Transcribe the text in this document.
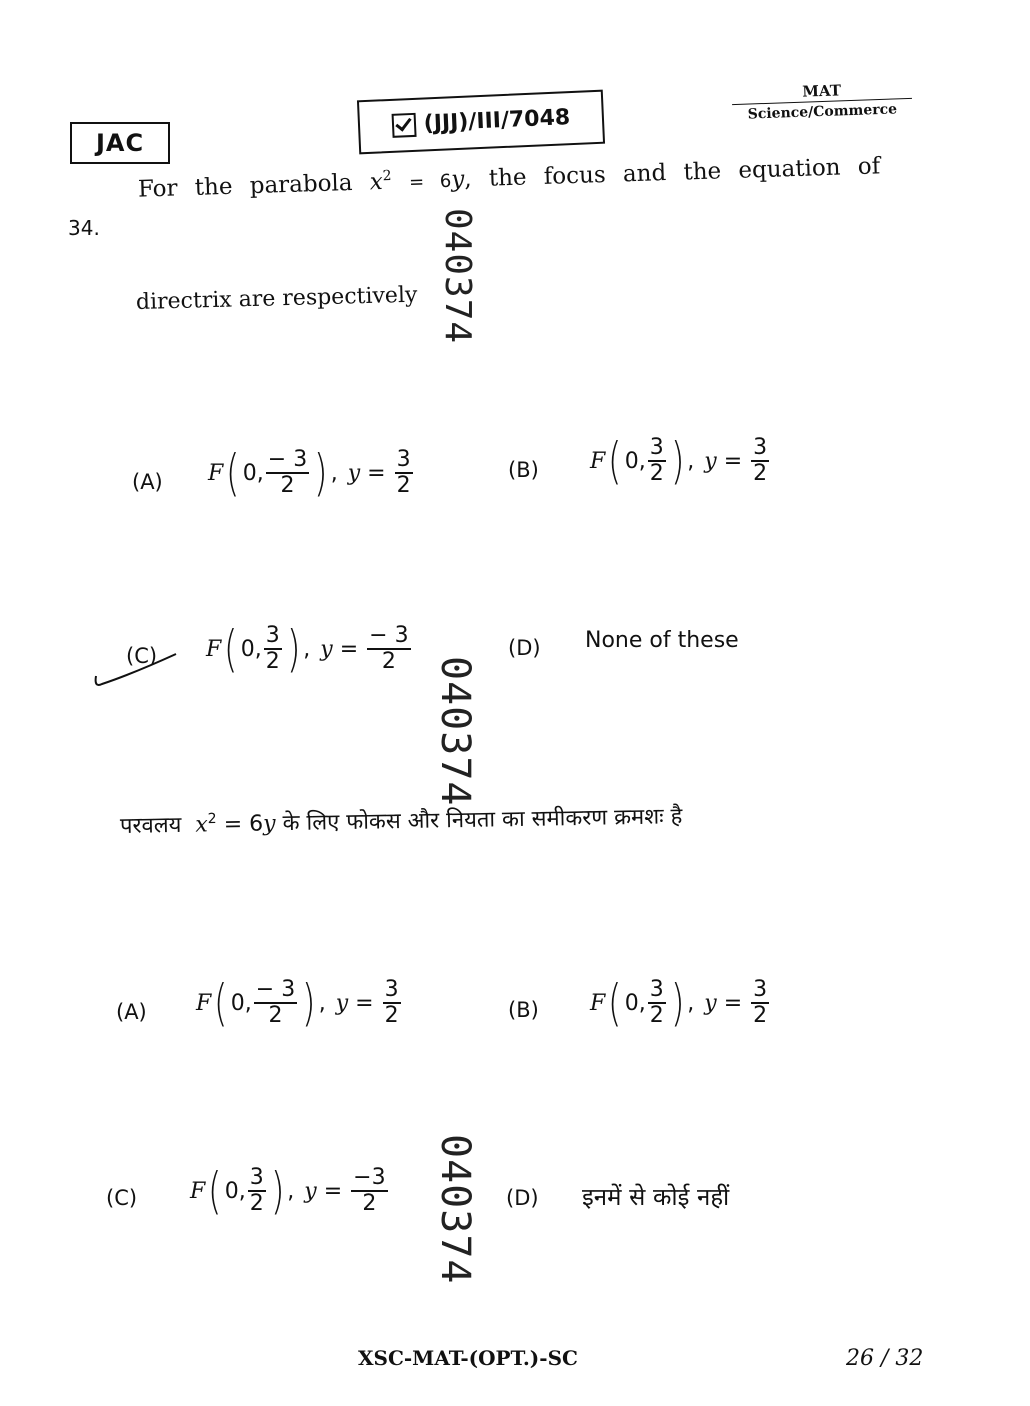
JAC
(JJJ)/III/7048
MAT
Science/Commerce
34.
For the parabola $x^2 = 6y$, the focus and the equation of
directrix are respectively
(A) F ( 0, $\frac{- 3}{2}$ ) , $y = \frac{3}{2}$	(B) F ( 0, $\frac{3}{2}$ ) , $y = \frac{3}{2}$
(C) F ( 0, $\frac{3}{2}$ ) , $y = \frac{- 3}{2}$	(D) None of these
परवलय $x^2 = 6y$ के लिए फोकस और नियता का समीकरण क्रमशः है
(A) F ( 0, $\frac{- 3}{2}$ ) , $y = \frac{3}{2}$	(B) F ( 0, $\frac{3}{2}$ ) , $y = \frac{3}{2}$
(C) F ( 0, $\frac{3}{2}$ ) , $y = \frac{-3}{2}$	(D) इनमें से कोई नहीं
040374
040374
040374
XSC-MAT-(OPT.)-SC	26 / 32
